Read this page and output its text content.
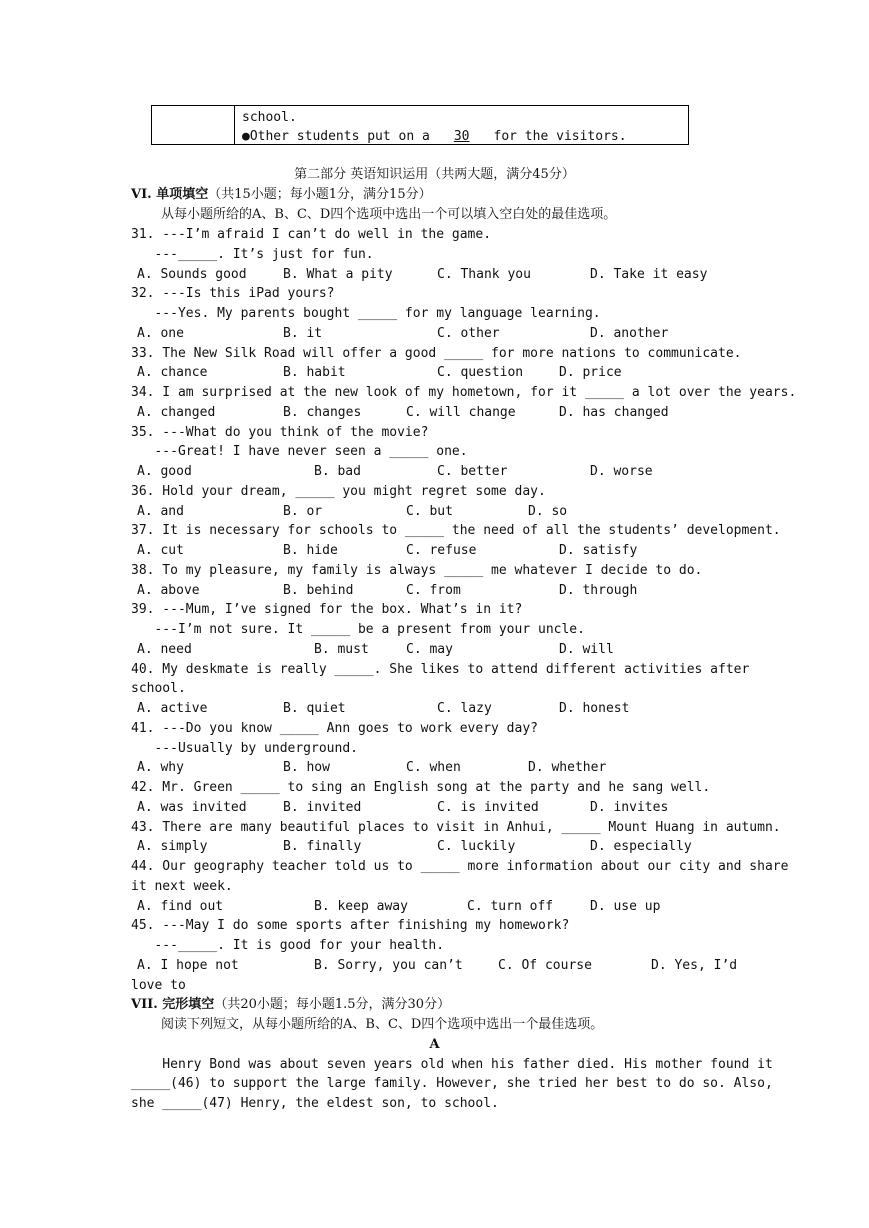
school.
●Other students put on a 30 for the visitors.
第二部分 英语知识运用（共两大题，满分45分）
VI. 单项填空（共15小题；每小题1分，满分15分）
从每小题所给的A、B、C、D四个选项中选出一个可以填入空白处的最佳选项。
31. ---I’m afraid I can’t do well in the game.
---_____. It’s just for fun.
A. Sounds good	B. What a pity	C. Thank you	D. Take it easy
32. ---Is this iPad yours?
---Yes. My parents bought _____ for my language learning.
A. one	B. it	C. other	D. another
33. The New Silk Road will offer a good _____ for more nations to communicate.
A. chance	B. habit	C. question	D. price
34. I am surprised at the new look of my hometown, for it _____ a lot over the years.
A. changed	B. changes	C. will change	D. has changed
35. ---What do you think of the movie?
---Great! I have never seen a _____ one.
A. good	B. bad	C. better	D. worse
36. Hold your dream, _____ you might regret some day.
A. and	B. or	C. but	D. so
37. It is necessary for schools to _____ the need of all the students’ development.
A. cut	B. hide	C. refuse	D. satisfy
38. To my pleasure, my family is always _____ me whatever I decide to do.
A. above	B. behind	C. from	D. through
39. ---Mum, I’ve signed for the box. What’s in it?
---I’m not sure. It _____ be a present from your uncle.
A. need	B. must	C. may	D. will
40. My deskmate is really _____. She likes to attend different activities after
school.
A. active	B. quiet	C. lazy	D. honest
41. ---Do you know _____ Ann goes to work every day?
---Usually by underground.
A. why	B. how	C. when	D. whether
42. Mr. Green _____ to sing an English song at the party and he sang well.
A. was invited	B. invited	C. is invited	D. invites
43. There are many beautiful places to visit in Anhui, _____ Mount Huang in autumn.
A. simply	B. finally	C. luckily	D. especially
44. Our geography teacher told us to _____ more information about our city and share
it next week.
A. find out	B. keep away	C. turn off	D. use up
45. ---May I do some sports after finishing my homework?
---_____. It is good for your health.
A. I hope not	B. Sorry, you can’t	C. Of course	D. Yes, I’d
love to
VII. 完形填空（共20小题；每小题1.5分，满分30分）
阅读下列短文，从每小题所给的A、B、C、D四个选项中选出一个最佳选项。
A
Henry Bond was about seven years old when his father died. His mother found it
_____(46) to support the large family. However, she tried her best to do so. Also,
she _____(47) Henry, the eldest son, to school.
